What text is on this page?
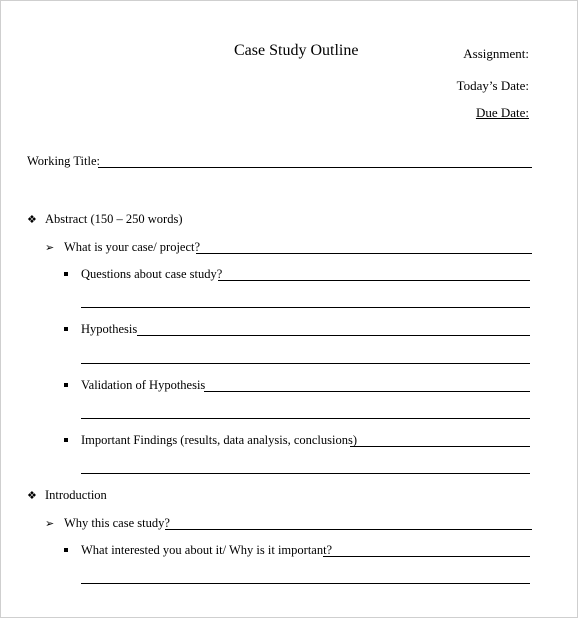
Case Study Outline	Assignment:
Today’s Date:
Due Date:
Working Title:
❖ Abstract (150 – 250 words)
➢ What is your case/ project?
Questions about case study?
Hypothesis
Validation of Hypothesis
Important Findings (results, data analysis, conclusions)
❖ Introduction
➢ Why this case study?
What interested you about it/ Why is it important?
